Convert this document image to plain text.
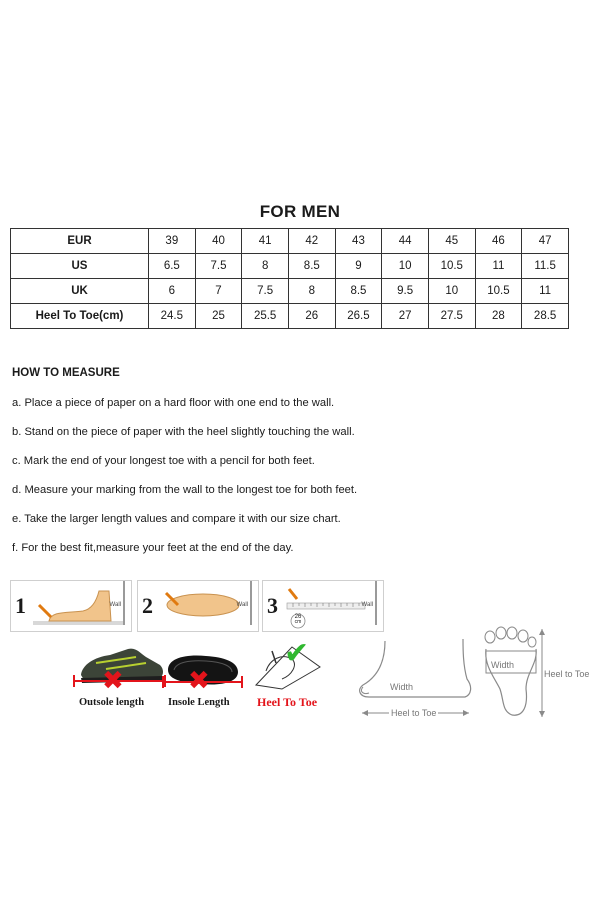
FOR MEN
EUR	39	40	41	42	43	44	45	46	47
US	6.5	7.5	8	8.5	9	10	10.5	11	11.5
UK	6	7	7.5	8	8.5	9.5	10	10.5	11
Heel To Toe(cm)	24.5	25	25.5	26	26.5	27	27.5	28	28.5
HOW TO MEASURE
a. Place a piece of paper on a hard floor with one end to the wall.
b. Stand on the piece of paper with the heel slightly touching the wall.
c. Mark the end of your longest toe with a pencil for both feet.
d. Measure your marking from the wall to the longest toe for both feet.
e. Take the larger length values and compare it with our size chart.
f. For the best fit,measure your feet at the end of the day.
1	Wall 2	Wall 3	26
cm
Wall
✖
Outsole length
✖
Insole Length
✔
Heel To Toe
Width
Heel to Toe
Width
Heel to Toe
